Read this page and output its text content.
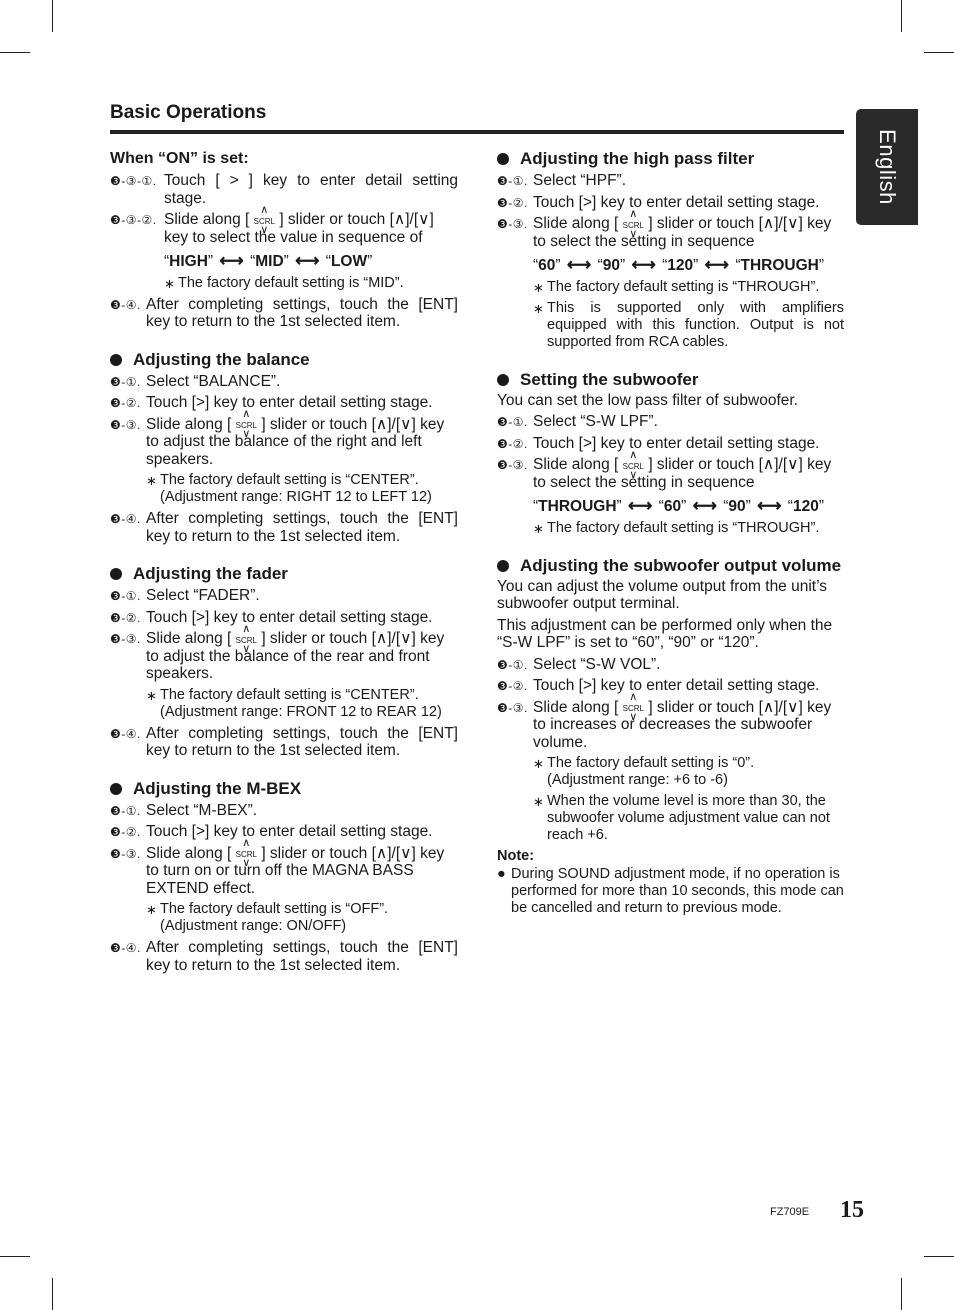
English
Basic Operations
When “ON” is set:
❸-③-①. Touch [ > ] key to enter detail setting stage.
❸-③-②. Slide along [ ∧ SCRL ∨ ] slider or touch [∧]/[∨] key to select the value in sequence of
“HIGH” ⟷ “MID” ⟷ “LOW”
∗ The factory default setting is “MID”.
❸-④. After completing settings, touch the [ENT] key to return to the 1st selected item.
Adjusting the balance
❸-①. Select “BALANCE”.
❸-②. Touch [>] key to enter detail setting stage.
❸-③. Slide along [ ∧ SCRL ∨ ] slider or touch [∧]/[∨] key to adjust the balance of the right and left speakers.
∗ The factory default setting is “CENTER”.
(Adjustment range: RIGHT 12 to LEFT 12)
❸-④. After completing settings, touch the [ENT] key to return to the 1st selected item.
Adjusting the fader
❸-①. Select “FADER”.
❸-②. Touch [>] key to enter detail setting stage.
❸-③. Slide along [ ∧ SCRL ∨ ] slider or touch [∧]/[∨] key to adjust the balance of the rear and front speakers.
∗ The factory default setting is “CENTER”.
(Adjustment range: FRONT 12 to REAR 12)
❸-④. After completing settings, touch the [ENT] key to return to the 1st selected item.
Adjusting the M-BEX
❸-①. Select “M-BEX”.
❸-②. Touch [>] key to enter detail setting stage.
❸-③. Slide along [ ∧ SCRL ∨ ] slider or touch [∧]/[∨] key to turn on or turn off the MAGNA BASS EXTEND effect.
∗ The factory default setting is “OFF”.
(Adjustment range: ON/OFF)
❸-④. After completing settings, touch the [ENT] key to return to the 1st selected item.
Adjusting the high pass filter
❸-①. Select “HPF”.
❸-②. Touch [>] key to enter detail setting stage.
❸-③. Slide along [ ∧ SCRL ∨ ] slider or touch [∧]/[∨] key to select the setting in sequence
“60” ⟷ “90” ⟷ “120” ⟷ “THROUGH”
∗ The factory default setting is “THROUGH”.
∗ This is supported only with amplifiers equipped with this function. Output is not supported from RCA cables.
Setting the subwoofer
You can set the low pass filter of subwoofer.
❸-①. Select “S-W LPF”.
❸-②. Touch [>] key to enter detail setting stage.
❸-③. Slide along [ ∧ SCRL ∨ ] slider or touch [∧]/[∨] key to select the setting in sequence
“THROUGH” ⟷ “60” ⟷ “90” ⟷ “120”
∗ The factory default setting is “THROUGH”.
Adjusting the subwoofer output volume
You can adjust the volume output from the unit’s subwoofer output terminal.
This adjustment can be performed only when the “S-W LPF” is set to “60”, “90” or “120”.
❸-①. Select “S-W VOL”.
❸-②. Touch [>] key to enter detail setting stage.
❸-③. Slide along [ ∧ SCRL ∨ ] slider or touch [∧]/[∨] key to increases or decreases the subwoofer volume.
∗ The factory default setting is “0”.
(Adjustment range: +6 to -6)
∗ When the volume level is more than 30, the subwoofer volume adjustment value can not reach +6.
Note:
● During SOUND adjustment mode, if no operation is performed for more than 10 seconds, this mode can be cancelled and return to previous mode.
FZ709E 15
